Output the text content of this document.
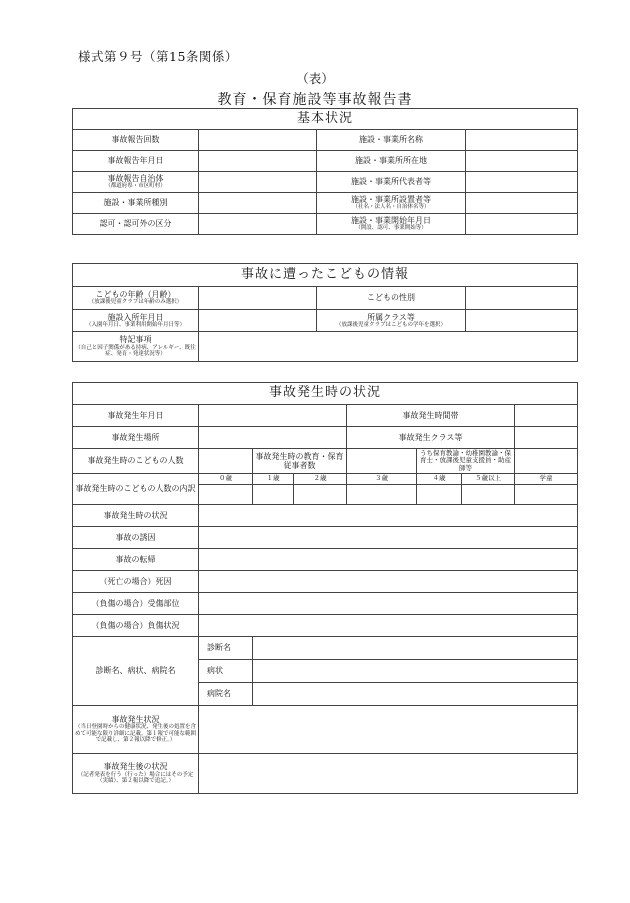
様式第９号（第15条関係）
（表）
教育・保育施設等事故報告書
基本状況			
事故報告回数		施設・事業所名称	
事故報告年月日		施設・事業所所在地	
事故報告自治体
（都道府県・市区町村）		施設・事業所代表者等	
施設・事業所種別		施設・事業所設置者等
（社名・法人名・自治体名等）	

認可・認可外の区分		施設・事業開始年月日
（開設、認可、事業開始等）	

事故に遭ったこどもの情報			
こどもの年齢（月齢）
（放課後児童クラブは年齢のみ選択）		こどもの性別	
施設入所年月日
（入園年月日、事業利用開始年月日等）		所属クラス等
（放課後児童クラブはこどもの学年を選択）	

特記事項
（自己と因子関係がある持病、アレルギー、既往症、発育・発達状況等）			

事故発生時の状況							
事故発生年月日				事故発生時間帯			
事故発生場所				事故発生クラス等			
事故発生時のこどもの人数		事故発生時の教育・保育従事者数			うち保育教諭・幼稚園教諭・保育士・放課後児童支援員・助産師等		
事故発生時のこどもの人数の内訳	０歳	１歳	２歳	３歳	４歳	５歳以上	学童

事故発生時の状況							
事故の誘因							
事故の転帰							
（死亡の場合）死因							
（負傷の場合）受傷部位							
（負傷の場合）負傷状況							
診断名、病状、病院名	診断名						
	病状						
	病院名						
事故発生状況
（当日登園時からの健康状況、発生後の処置を含めて可能な限り詳細に記載。第１報で可能な範囲で記載し、第２報以降で修正。）							

事故発生後の状況
（記者発表を行う（行った）場合にはその予定（実績）、第２報以降で追記。）							
